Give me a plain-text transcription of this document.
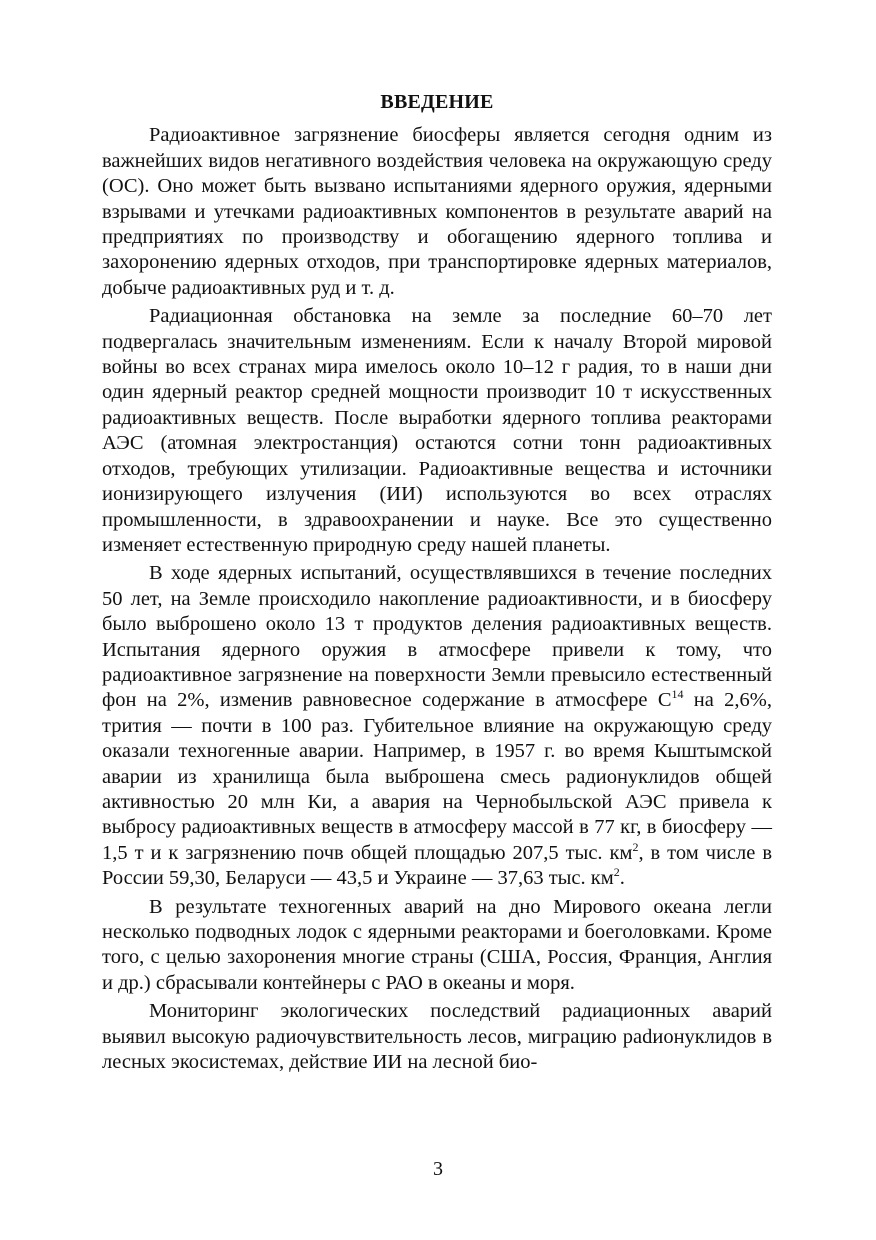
ВВЕДЕНИЕ

Радиоактивное загрязнение биосферы является сегодня одним из важнейших видов негативного воздействия человека на окружающую среду (ОС). Оно может быть вызвано испытаниями ядерного оружия, ядерными взрывами и утечками радиоактивных компонентов в результате аварий на предприятиях по производству и обогащению ядерного топлива и захоронению ядерных отходов, при транспортировке ядерных материалов, добыче радиоактивных руд и т. д.

Радиационная обстановка на земле за последние 60–70 лет подвергалась значительным изменениям. Если к началу Второй мировой войны во всех странах мира имелось около 10–12 г радия, то в наши дни один ядерный реактор средней мощности производит 10 т искусственных радиоактивных веществ. После выработки ядерного топлива реакторами АЭС (атомная электростанция) остаются сотни тонн радиоактивных отходов, требующих утилизации. Радиоактивные вещества и источники ионизирующего излучения (ИИ) используются во всех отраслях промышленности, в здравоохранении и науке. Все это существенно изменяет естественную природную среду нашей планеты.

В ходе ядерных испытаний, осуществлявшихся в течение последних 50 лет, на Земле происходило накопление радиоактивности, и в биосферу было выброшено около 13 т продуктов деления радиоактивных веществ. Испытания ядерного оружия в атмосфере привели к тому, что радиоактивное загрязнение на поверхности Земли превысило естественный фон на 2%, изменив равновесное содержание в атмосфере $С^{14}$ на 2,6%, трития — почти в 100 раз. Губительное влияние на окружающую среду оказали техногенные аварии. Например, в 1957 г. во время Кыштымской аварии из хранилища была выброшена смесь радионуклидов общей активностью 20 млн Ки, а авария на Чернобыльской АЭС привела к выбросу радиоактивных веществ в атмосферу массой в 77 кг, в биосферу — 1,5 т и к загрязнению почв общей площадью 207,5 тыс. $км^2$, в том числе в России 59,30, Беларуси — 43,5 и Украине — 37,63 тыс. $км^2$.

В результате техногенных аварий на дно Мирового океана легли несколько подводных лодок с ядерными реакторами и боеголовками. Кроме того, с целью захоронения многие страны (США, Россия, Франция, Англия и др.) сбрасывали контейнеры с РАО в океаны и моря.

Мониторинг экологических последствий радиационных аварий выявил высокую радиочувствительность лесов, миграцию раdионуклидов в лесных экосистемах, действие ИИ на лесной био-

3
